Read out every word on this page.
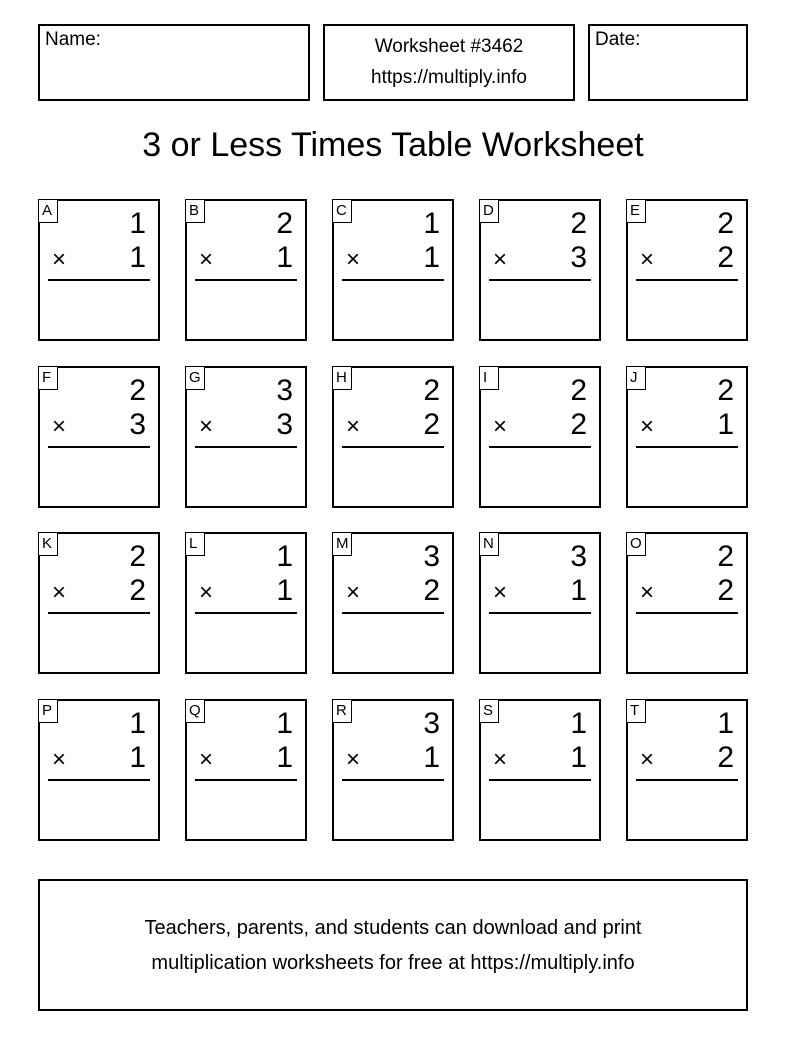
Name:	Worksheet #3462
https://multiply.info
Date:
3 or Less Times Table Worksheet
A	1
× 1
B	2
× 1
C	1
× 1
D	2
× 3
E	2
× 2
F	2
× 3
G	3
× 3
H	2
× 2
I	2
× 2
J	2
× 1
K	2
× 2
L	1
× 1
M 3
× 2
N	3
× 1
O	2
× 2
P	1
× 1
Q	1
× 1
R	3
× 1
S	1
× 1
T	1
× 2
Teachers, parents, and students can download and print
multiplication worksheets for free at https://multiply.info
